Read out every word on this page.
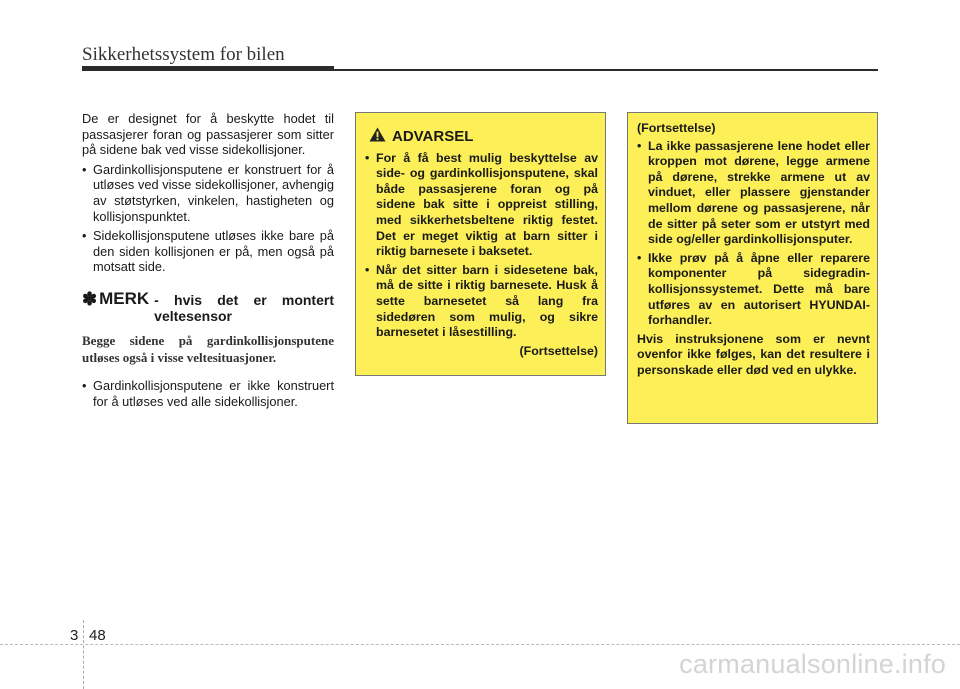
Sikkerhetssystem for bilen

De er designet for å beskytte hodet til passasjerer foran og passasjerer som sitter på sidene bak ved visse sidekollisjoner.

• Gardinkollisjonsputene er konstruert for å utløses ved visse sidekollisjoner, avhengig av støtstyrken, vinkelen, hastigheten og kollisjonspunktet.
• Sidekollisjonsputene utløses ikke bare på den siden kollisjonen er på, men også på motsatt side.
✽ MERK - hvis det er montert veltesensor
Begge sidene på gardinkollisjonsputene utløses også i visse veltesituasjoner.
• Gardinkollisjonsputene er ikke konstruert for å utløses ved alle sidekollisjoner.
ADVARSEL
• For å få best mulig beskyttelse av side- og gardinkollisjonsputene, skal både passasjerene foran og på sidene bak sitte i oppreist stilling, med sikkerhetsbeltene riktig festet. Det er meget viktig at barn sitter i riktig barnesete i baksetet.
• Når det sitter barn i sidesetene bak, må de sitte i riktig barnesete. Husk å sette barnesetet så lang fra sidedøren som mulig, og sikre barnesetet i låsestilling.
(Fortsettelse)

(Fortsettelse)

• La ikke passasjerene lene hodet eller kroppen mot dørene, legge armene på dørene, strekke armene ut av vinduet, eller plassere gjenstander mellom dørene og passasjerene, når de sitter på seter som er utstyrt med side og/eller gardinkollisjonsputer.
• Ikke prøv på å åpne eller reparere komponenter på sidegradin-kollisjonssystemet. Dette må bare utføres av en autorisert HYUNDAI-forhandler.

Hvis instruksjonene som er nevnt ovenfor ikke følges, kan det resultere i personskade eller død ved en ulykke.

3 48
carmanualsonline.info
